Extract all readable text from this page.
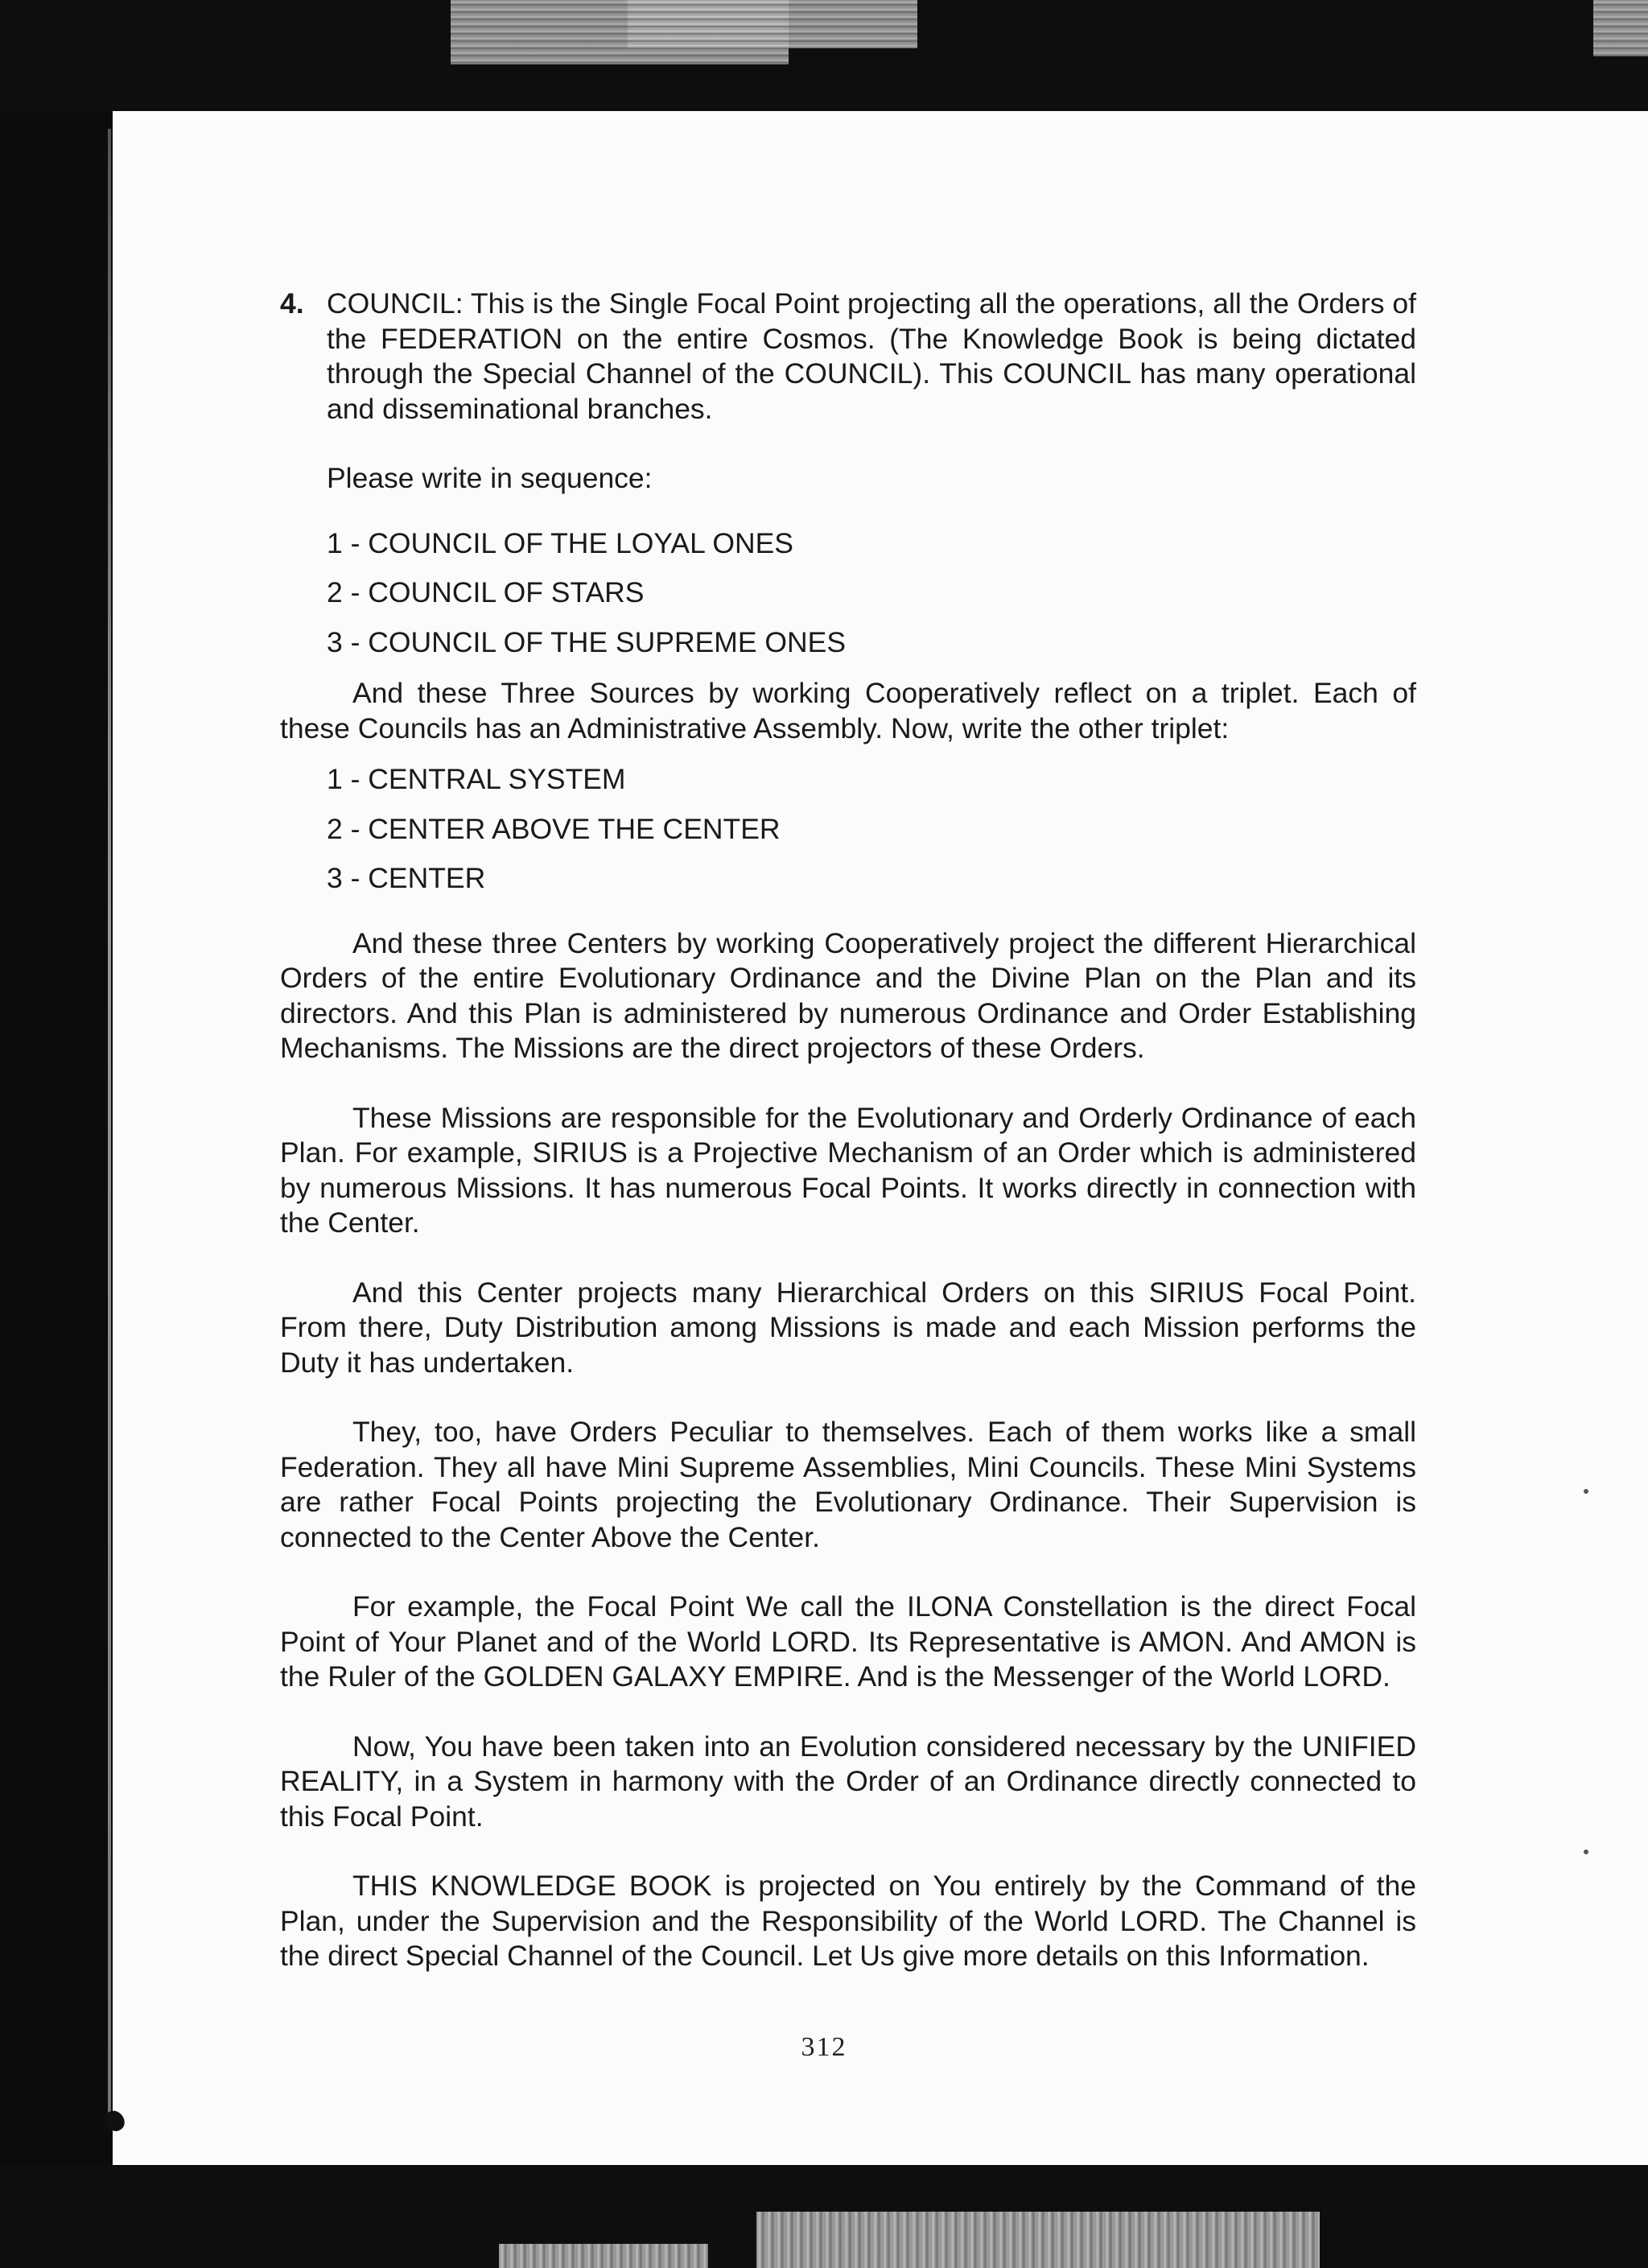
4. COUNCIL: This is the Single Focal Point projecting all the operations, all the Orders of the FEDERATION on the entire Cosmos. (The Knowledge Book is being dictated through the Special Channel of the COUNCIL). This COUNCIL has many operational and disseminational branches.

Please write in sequence:

1 - COUNCIL OF THE LOYAL ONES
2 - COUNCIL OF STARS
3 - COUNCIL OF THE SUPREME ONES

And these Three Sources by working Cooperatively reflect on a triplet. Each of these Councils has an Administrative Assembly. Now, write the other triplet:

1 - CENTRAL SYSTEM
2 - CENTER ABOVE THE CENTER
3 - CENTER

And these three Centers by working Cooperatively project the different Hierarchical Orders of the entire Evolutionary Ordinance and the Divine Plan on the Plan and its directors. And this Plan is administered by numerous Ordinance and Order Establishing Mechanisms. The Missions are the direct projectors of these Orders.

These Missions are responsible for the Evolutionary and Orderly Ordinance of each Plan. For example, SIRIUS is a Projective Mechanism of an Order which is administered by numerous Missions. It has numerous Focal Points. It works directly in connection with the Center.

And this Center projects many Hierarchical Orders on this SIRIUS Focal Point. From there, Duty Distribution among Missions is made and each Mission performs the Duty it has undertaken.

They, too, have Orders Peculiar to themselves. Each of them works like a small Federation. They all have Mini Supreme Assemblies, Mini Councils. These Mini Systems are rather Focal Points projecting the Evolutionary Ordinance. Their Supervision is connected to the Center Above the Center.

For example, the Focal Point We call the ILONA Constellation is the direct Focal Point of Your Planet and of the World LORD. Its Representative is AMON. And AMON is the Ruler of the GOLDEN GALAXY EMPIRE. And is the Messenger of the World LORD.

Now, You have been taken into an Evolution considered necessary by the UNIFIED REALITY, in a System in harmony with the Order of an Ordinance directly connected to this Focal Point.

THIS KNOWLEDGE BOOK is projected on You entirely by the Command of the Plan, under the Supervision and the Responsibility of the World LORD. The Channel is the direct Special Channel of the Council. Let Us give more details on this Information.

312
